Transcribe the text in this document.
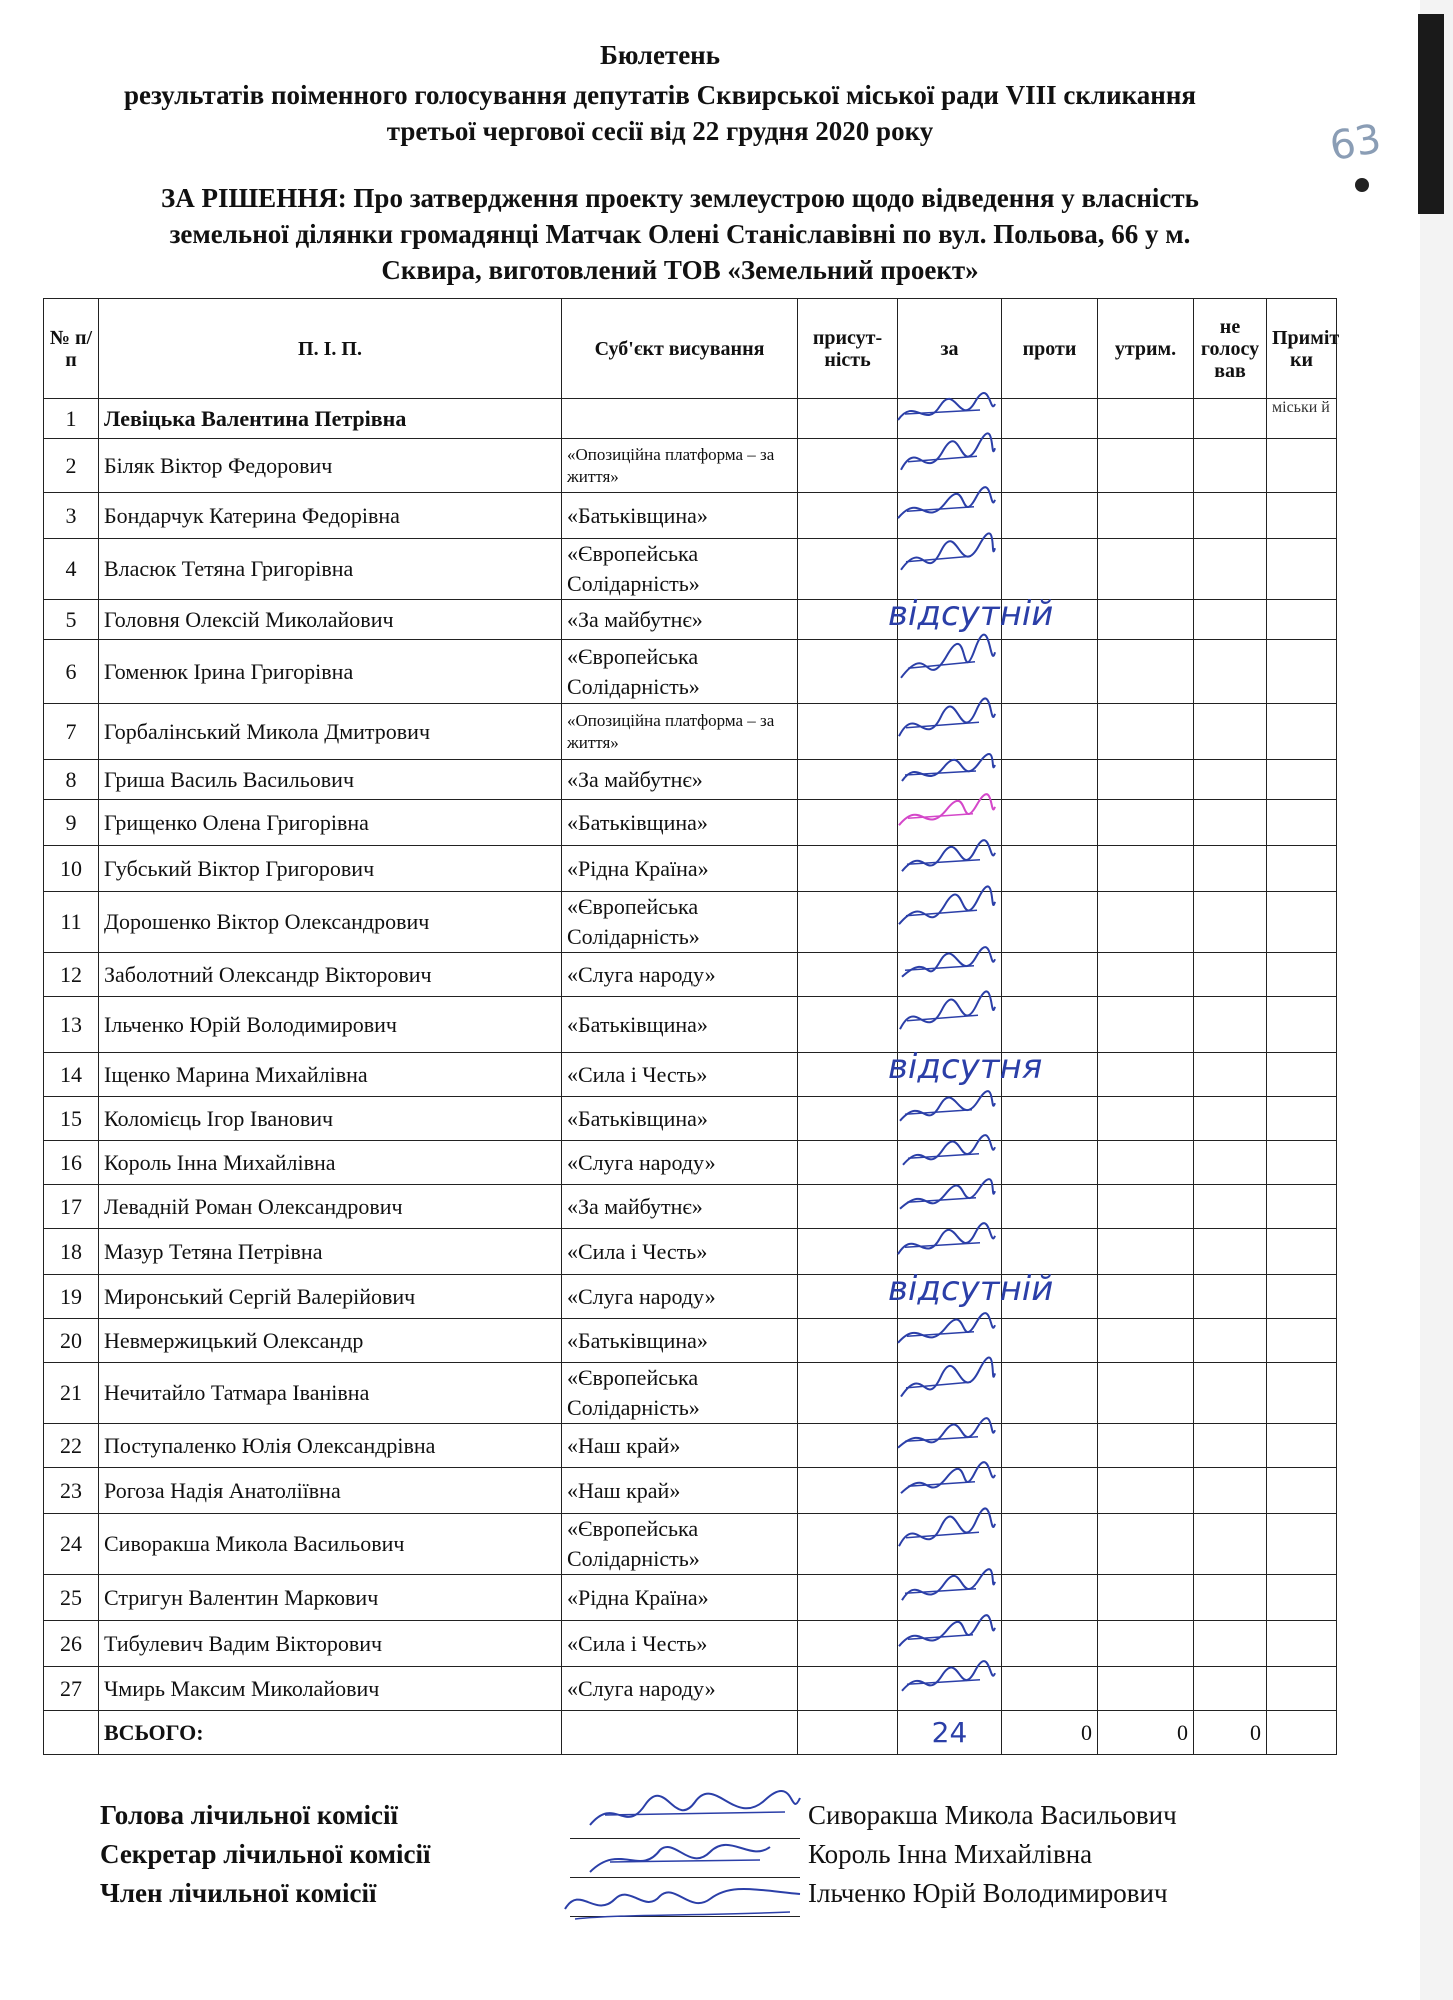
Бюлетень
результатів поіменного голосування депутатів Сквирської міської ради VIII скликання
третьої чергової сесії від 22 грудня 2020 року	63
ЗА РІШЕННЯ: Про затвердження проекту землеустрою щодо відведення у власність
земельної ділянки громадянці Матчак Олені Станіславівні по вул. Польова, 66 у м.
Сквира, виготовлений ТОВ «Земельний проект»
№ п/п	П. І. П.	Суб'єкт висування	присут-ність	за	проти	утрим.	не голосу вав	Приміт ки
1	Левіцька Валентина Петрівна							міськи й
2	Біляк Віктор Федорович	«Опозиційна платформа – за життя»		

3	Бондарчук Катерина Федорівна	«Батьківщина»		

4	Власюк Тетяна Григорівна	«Європейська Солідарність»		

5	Головня Олексій Миколайович	«За майбутнє»		відсутній				

6	Гоменюк Ірина Григорівна	«Європейська Солідарність»		

7	Горбалінський Микола Дмитрович	«Опозиційна платформа – за життя»		

8	Гриша Василь Васильович	«За майбутнє»		

9	Грищенко Олена Григорівна	«Батьківщина»		

10	Губський Віктор Григорович	«Рідна Країна»		

11	Дорошенко Віктор Олександрович	«Європейська Солідарність»		

12	Заболотний Олександр Вікторович	«Слуга народу»		

13	Ільченко Юрій Володимирович	«Батьківщина»		

14	Іщенко Марина Михайлівна	«Сила і Честь»		відсутня				

15	Коломієць Ігор Іванович	«Батьківщина»		

16	Король Інна Михайлівна	«Слуга народу»		

17	Левадній Роман Олександрович	«За майбутнє»		

18	Мазур Тетяна Петрівна	«Сила і Честь»		

19	Миронський Сергій Валерійович	«Слуга народу»		відсутній				

20	Невмержицький Олександр	«Батьківщина»		

21	Нечитайло Татмара Іванівна	«Європейська Солідарність»		

22	Поступаленко Юлія Олександрівна	«Наш край»		

23	Рогоза Надія Анатоліївна	«Наш край»		

24	Сиворакша Микола Васильович	«Європейська Солідарність»		

25	Стригун Валентин Маркович	«Рідна Країна»		

26	Тибулевич Вадим Вікторович	«Сила і Честь»		

27	Чмирь Максим Миколайович	«Слуга народу»		

	ВСЬОГО:			24	0	0	0	
Голова лічильної комісії	Сиворакша Микола Васильович
Секретар лічильної комісії	Король Інна Михайлівна
Член лічильної комісії	Ільченко Юрій Володимирович
